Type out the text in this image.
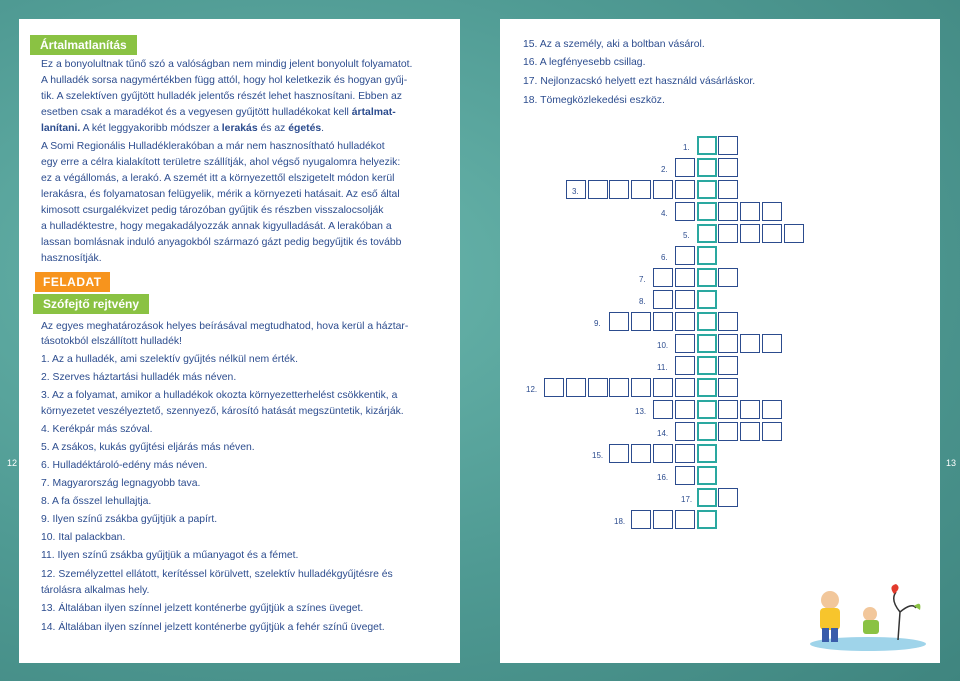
12	13
Ártalmatlanítás
Ez a bonyolultnak tűnő szó a valóságban nem mindig jelent bonyolult folyamatot.
A hulladék sorsa nagymértékben függ attól, hogy hol keletkezik és hogyan gyűj-
tik. A szelektíven gyűjtött hulladék jelentős részét lehet hasznosítani. Ebben az
esetben csak a maradékot és a vegyesen gyűjtött hulladékokat kell ártalmat-
lanítani. A két leggyakoribb módszer a lerakás és az égetés.
A Somi Regionális Hulladéklerakóban a már nem hasznosítható hulladékot
egy erre a célra kialakított területre szállítják, ahol végső nyugalomra helyezik:
ez a végállomás, a lerakó. A szemét itt a környezettől elszigetelt módon kerül
lerakásra, és folyamatosan felügyelik, mérik a környezeti hatásait. Az eső által
kimosott csurgalékvizet pedig tározóban gyűjtik és részben visszalocsolják
a hulladéktestre, hogy megakadályozzák annak kigyulladását. A lerakóban a
lassan bomlásnak induló anyagokból származó gázt pedig begyűjtik és tovább
hasznosítják.
FELADAT
Szófejtő rejtvény
Az egyes meghatározások helyes beírásával megtudhatod, hova kerül a háztar-
tásotokból elszállított hulladék!
1. Az a hulladék, ami szelektív gyűjtés nélkül nem érték.
2. Szerves háztartási hulladék más néven.
3. Az a folyamat, amikor a hulladékok okozta környezetterhelést csökkentik, a
környezetet veszélyeztető, szennyező, károsító hatását megszüntetik, kizárják.
4. Kerékpár más szóval.
5. A zsákos, kukás gyűjtési eljárás más néven.
6. Hulladéktároló-edény más néven.
7. Magyarország legnagyobb tava.
8. A fa ősszel lehullajtja.
9. Ilyen színű zsákba gyűjtjük a papírt.
10. Ital palackban.
11. Ilyen színű zsákba gyűjtjük a műanyagot és a fémet.
12. Személyzettel ellátott, kerítéssel körülvett, szelektív hulladékgyűjtésre és
tárolásra alkalmas hely.
13. Általában ilyen színnel jelzett konténerbe gyűjtjük a színes üveget.
14. Általában ilyen színnel jelzett konténerbe gyűjtjük a fehér színű üveget.
15. Az a személy, aki a boltban vásárol.
16. A legfényesebb csillag.
17. Nejlonzacskó helyett ezt használd vásárláskor.
18. Tömegközlekedési eszköz.
1.
2.
3.
4.
5.
6.
7.
8.
9.
10.
11.
12.
13.
14.
15.
16.
17.
18.
